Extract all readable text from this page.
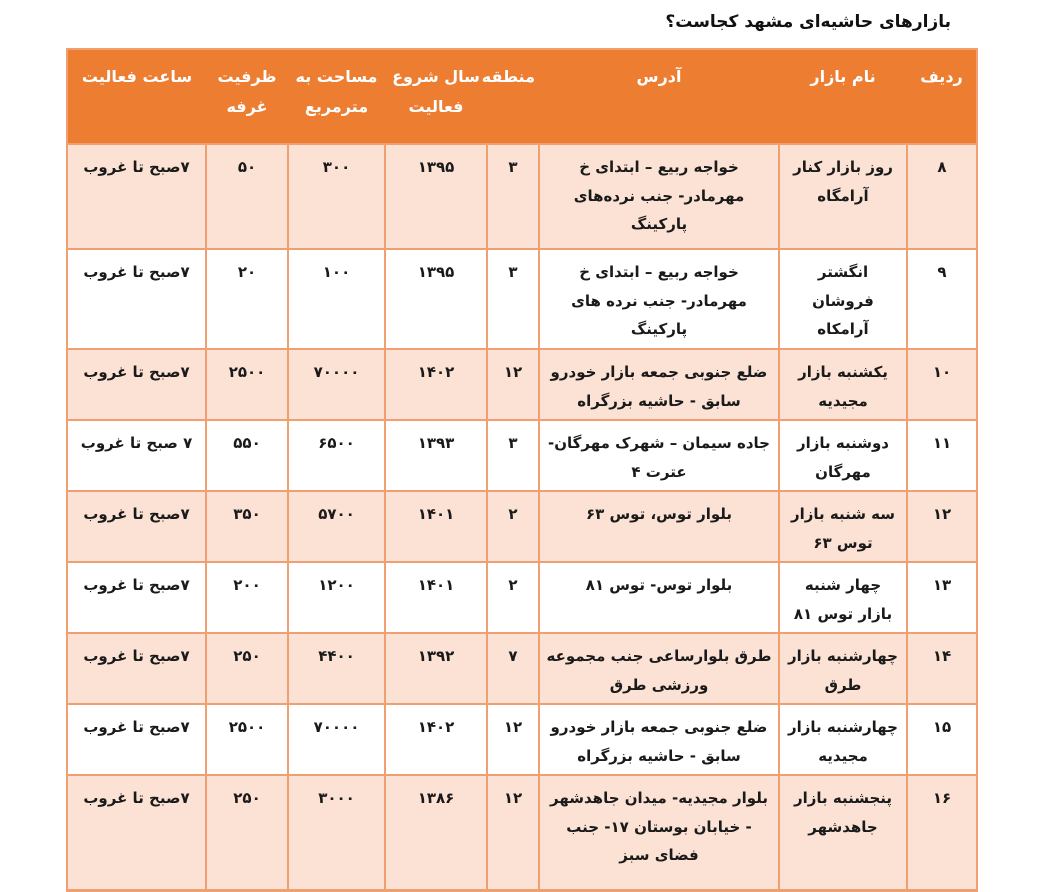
بازارهای حاشیه‌ای مشهد کجاست؟
ردیف	نام بازار	آدرس	منطقه	سال شروع فعالیت	مساحت به مترمربع	ظرفیت غرفه	ساعت فعالیت
۸	روز بازار کنار آرامگاه	خواجه ربیع – ابتدای خ مهرمادر- جنب نرده‌های پارکینگ	۳	۱۳۹۵	۳۰۰	۵۰	۷صبح تا غروب
۹	انگشتر فروشان آرامکاه	خواجه ربیع – ابتدای خ مهرمادر- جنب نرده های پارکینگ	۳	۱۳۹۵	۱۰۰	۲۰	۷صبح تا غروب
۱۰	یکشنبه بازار مجیدیه	ضلع جنوبی جمعه بازار خودرو سابق - حاشیه بزرگراه	۱۲	۱۴۰۲	۷۰۰۰۰	۲۵۰۰	۷صبح تا غروب
۱۱	دوشنبه بازار مهرگان	جاده سیمان – شهرک مهرگان- عترت ۴	۳	۱۳۹۳	۶۵۰۰	۵۵۰	۷ صبح تا غروب
۱۲	سه شنبه بازار توس ۶۳	بلوار توس، توس ۶۳	۲	۱۴۰۱	۵۷۰۰	۳۵۰	۷صبح تا غروب
۱۳	چهار شنبه بازار توس ۸۱	بلوار توس- توس ۸۱	۲	۱۴۰۱	۱۲۰۰	۲۰۰	۷صبح تا غروب
۱۴	چهارشنبه بازار طرق	طرق بلوارساعی جنب مجموعه ورزشی طرق	۷	۱۳۹۲	۴۴۰۰	۲۵۰	۷صبح تا غروب
۱۵	چهارشنبه بازار مجیدیه	ضلع جنوبی جمعه بازار خودرو سابق - حاشیه بزرگراه	۱۲	۱۴۰۲	۷۰۰۰۰	۲۵۰۰	۷صبح تا غروب
۱۶	پنجشنبه بازار جاهدشهر	بلوار مجیدیه- میدان جاهدشهر - خیابان بوستان ۱۷- جنب فضای سبز	۱۲	۱۳۸۶	۳۰۰۰	۲۵۰	۷صبح تا غروب
